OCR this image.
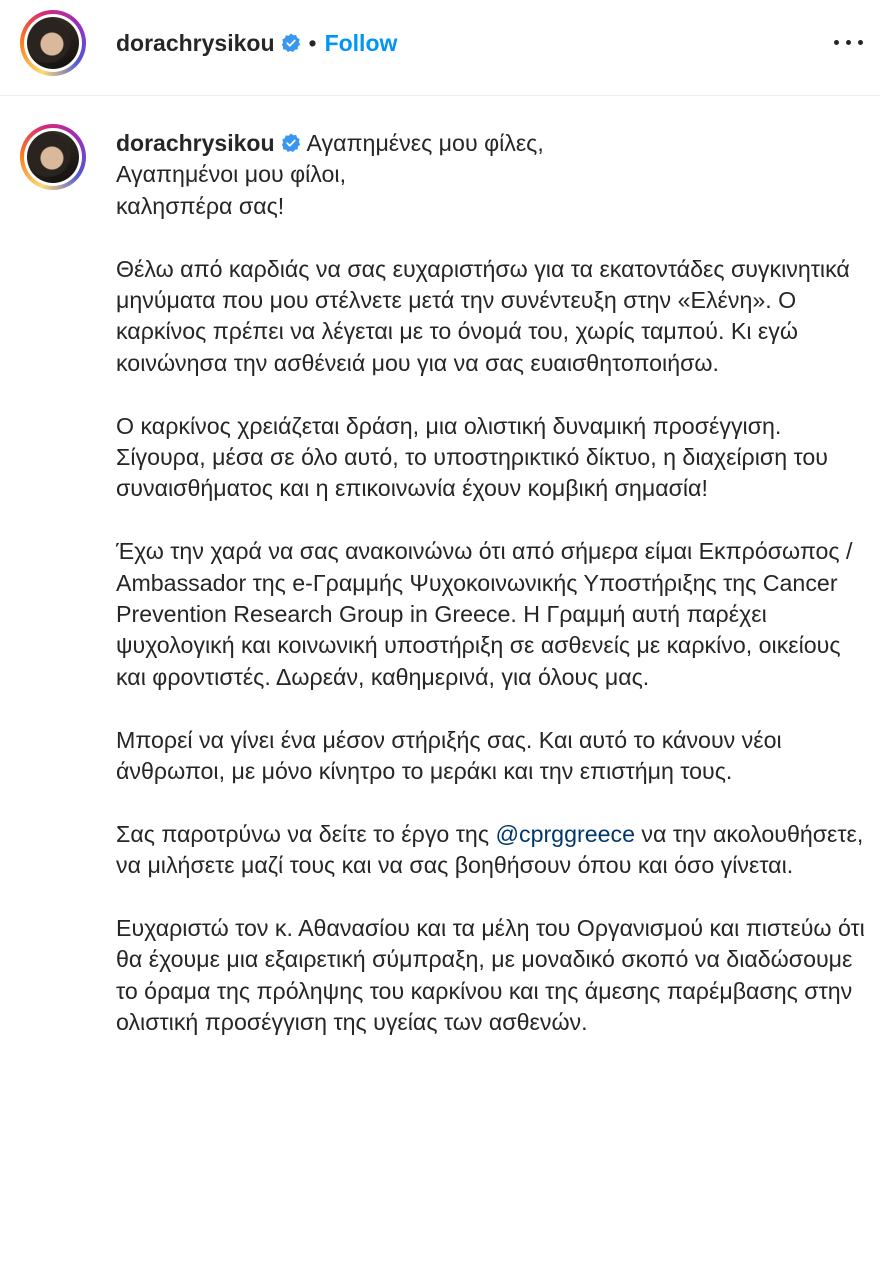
dorachrysikou • Follow

dorachrysikou Αγαπημένες μου φίλες,
Αγαπημένοι μου φίλοι,
καλησπέρα σας!

Θέλω από καρδιάς να σας ευχαριστήσω για τα εκατοντάδες συγκινητικά μηνύματα που μου στέλνετε μετά την συνέντευξη στην «Ελένη». Ο καρκίνος πρέπει να λέγεται με το όνομά του, χωρίς ταμπού. Κι εγώ κοινώνησα την ασθένειά μου για να σας ευαισθητοποιήσω.

Ο καρκίνος χρειάζεται δράση, μια ολιστική δυναμική προσέγγιση. Σίγουρα, μέσα σε όλο αυτό, το υποστηρικτικό δίκτυο, η διαχείριση του συναισθήματος και η επικοινωνία έχουν κομβική σημασία!

Έχω την χαρά να σας ανακοινώνω ότι από σήμερα είμαι Εκπρόσωπος / Ambassador της e-Γραμμής Ψυχοκοινωνικής Υποστήριξης της Cancer Prevention Research Group in Greece. Η Γραμμή αυτή παρέχει ψυχολογική και κοινωνική υποστήριξη σε ασθενείς με καρκίνο, οικείους και φροντιστές. Δωρεάν, καθημερινά, για όλους μας.

Μπορεί να γίνει ένα μέσον στήριξής σας. Και αυτό το κάνουν νέοι άνθρωποι, με μόνο κίνητρο το μεράκι και την επιστήμη τους.

Σας παροτρύνω να δείτε το έργο της @cprggreece να την ακολουθήσετε, να μιλήσετε μαζί τους και να σας βοηθήσουν όπου και όσο γίνεται.

Ευχαριστώ τον κ. Αθανασίου και τα μέλη του Οργανισμού και πιστεύω ότι θα έχουμε μια εξαιρετική σύμπραξη, με μοναδικό σκοπό να διαδώσουμε το όραμα της πρόληψης του καρκίνου και της άμεσης παρέμβασης στην ολιστική προσέγγιση της υγείας των ασθενών.
